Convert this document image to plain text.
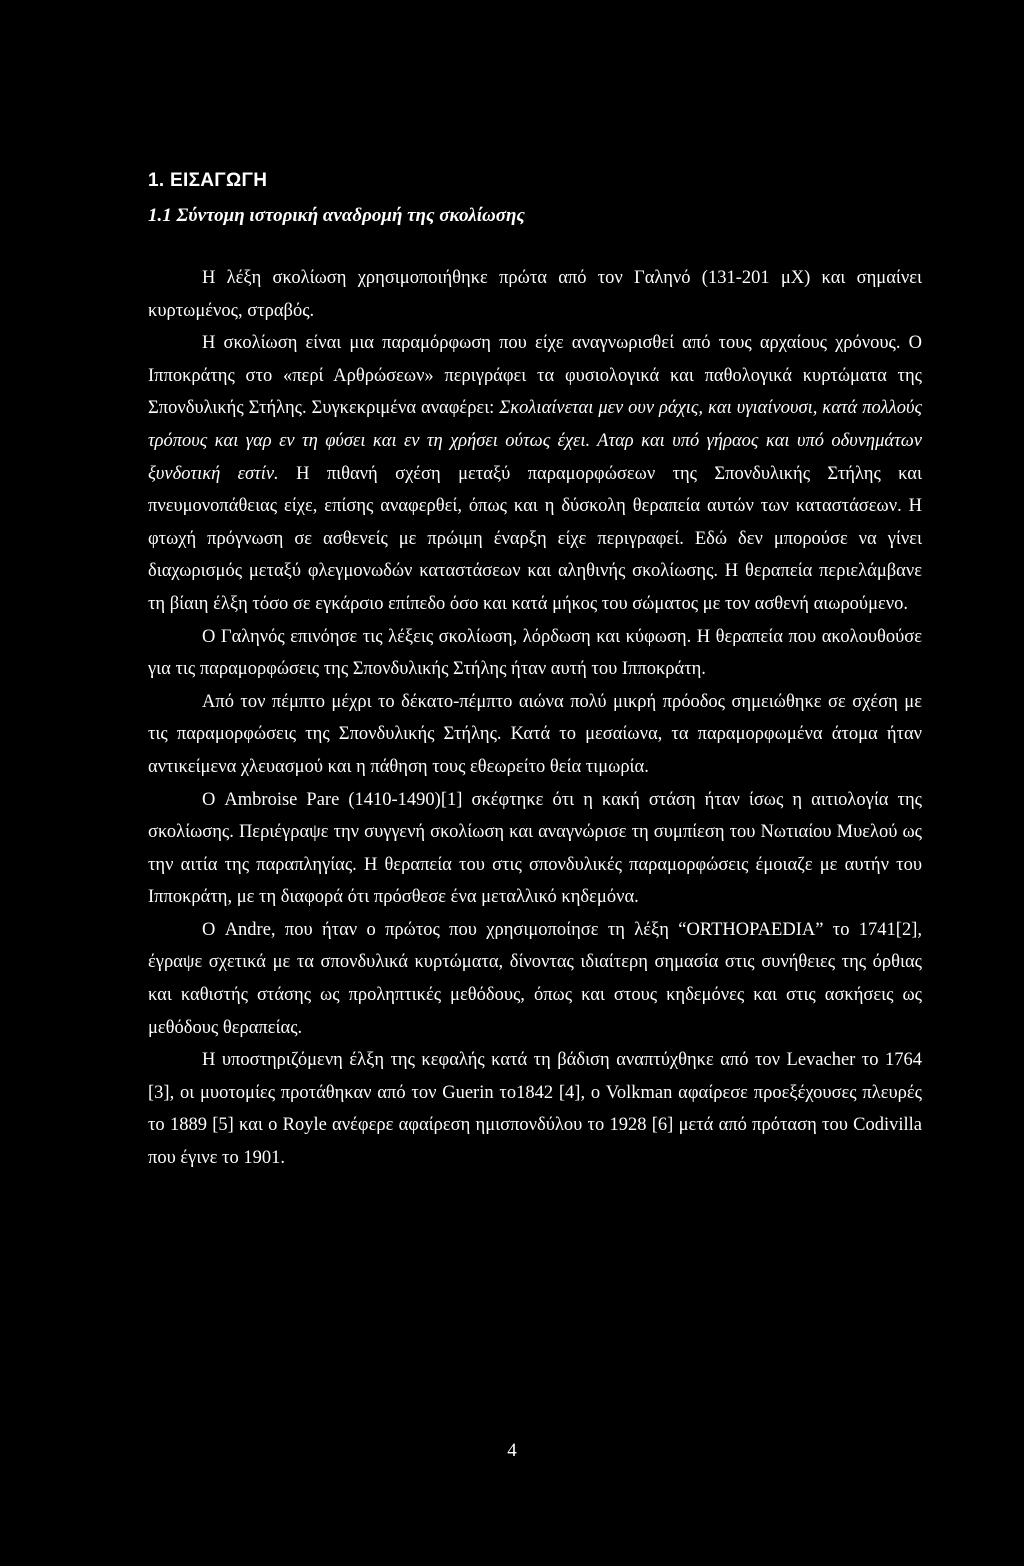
1. ΕΙΣΑΓΩΓΗ
1.1 Σύντομη ιστορική αναδρομή της σκολίωσης

Η λέξη σκολίωση χρησιμοποιήθηκε πρώτα από τον Γαληνό (131-201 μΧ) και σημαίνει κυρτωμένος, στραβός.

Η σκολίωση είναι μια παραμόρφωση που είχε αναγνωρισθεί από τους αρχαίους χρόνους. Ο Ιπποκράτης στο «περί Αρθρώσεων» περιγράφει τα φυσιολογικά και παθολογικά κυρτώματα της Σπονδυλικής Στήλης. Συγκεκριμένα αναφέρει: Σκολιαίνεται μεν ουν ράχις, και υγιαίνουσι, κατά πολλούς τρόπους και γαρ εν τη φύσει και εν τη χρήσει ούτως έχει. Αταρ και υπό γήραος και υπό οδυνημάτων ξυνδοτική εστίν. Η πιθανή σχέση μεταξύ παραμορφώσεων της Σπονδυλικής Στήλης και πνευμονοπάθειας είχε, επίσης αναφερθεί, όπως και η δύσκολη θεραπεία αυτών των καταστάσεων. Η φτωχή πρόγνωση σε ασθενείς με πρώιμη έναρξη είχε περιγραφεί. Εδώ δεν μπορούσε να γίνει διαχωρισμός μεταξύ φλεγμονωδών καταστάσεων και αληθινής σκολίωσης. Η θεραπεία περιελάμβανε τη βίαιη έλξη τόσο σε εγκάρσιο επίπεδο όσο και κατά μήκος του σώματος με τον ασθενή αιωρούμενο.

Ο Γαληνός επινόησε τις λέξεις σκολίωση, λόρδωση και κύφωση. Η θεραπεία που ακολουθούσε για τις παραμορφώσεις της Σπονδυλικής Στήλης ήταν αυτή του Ιπποκράτη.

Από τον πέμπτο μέχρι το δέκατο-πέμπτο αιώνα πολύ μικρή πρόοδος σημειώθηκε σε σχέση με τις παραμορφώσεις της Σπονδυλικής Στήλης. Κατά το μεσαίωνα, τα παραμορφωμένα άτομα ήταν αντικείμενα χλευασμού και η πάθηση τους εθεωρείτο θεία τιμωρία.

Ο Ambroise Pare (1410-1490)[1] σκέφτηκε ότι η κακή στάση ήταν ίσως η αιτιολογία της σκολίωσης. Περιέγραψε την συγγενή σκολίωση και αναγνώρισε τη συμπίεση του Νωτιαίου Μυελού ως την αιτία της παραπληγίας. Η θεραπεία του στις σπονδυλικές παραμορφώσεις έμοιαζε με αυτήν του Ιπποκράτη, με τη διαφορά ότι πρόσθεσε ένα μεταλλικό κηδεμόνα.

Ο Andre, που ήταν ο πρώτος που χρησιμοποίησε τη λέξη “ORTHOPAEDIA” το 1741[2], έγραψε σχετικά με τα σπονδυλικά κυρτώματα, δίνοντας ιδιαίτερη σημασία στις συνήθειες της όρθιας και καθιστής στάσης ως προληπτικές μεθόδους, όπως και στους κηδεμόνες και στις ασκήσεις ως μεθόδους θεραπείας.

Η υποστηριζόμενη έλξη της κεφαλής κατά τη βάδιση αναπτύχθηκε από τον Levacher το 1764 [3], οι μυοτομίες προτάθηκαν από τον Guerin το1842 [4], ο Volkman αφαίρεσε προεξέχουσες πλευρές το 1889 [5] και ο Royle ανέφερε αφαίρεση ημισπονδύλου το 1928 [6] μετά από πρόταση του Codivilla που έγινε το 1901.

4
